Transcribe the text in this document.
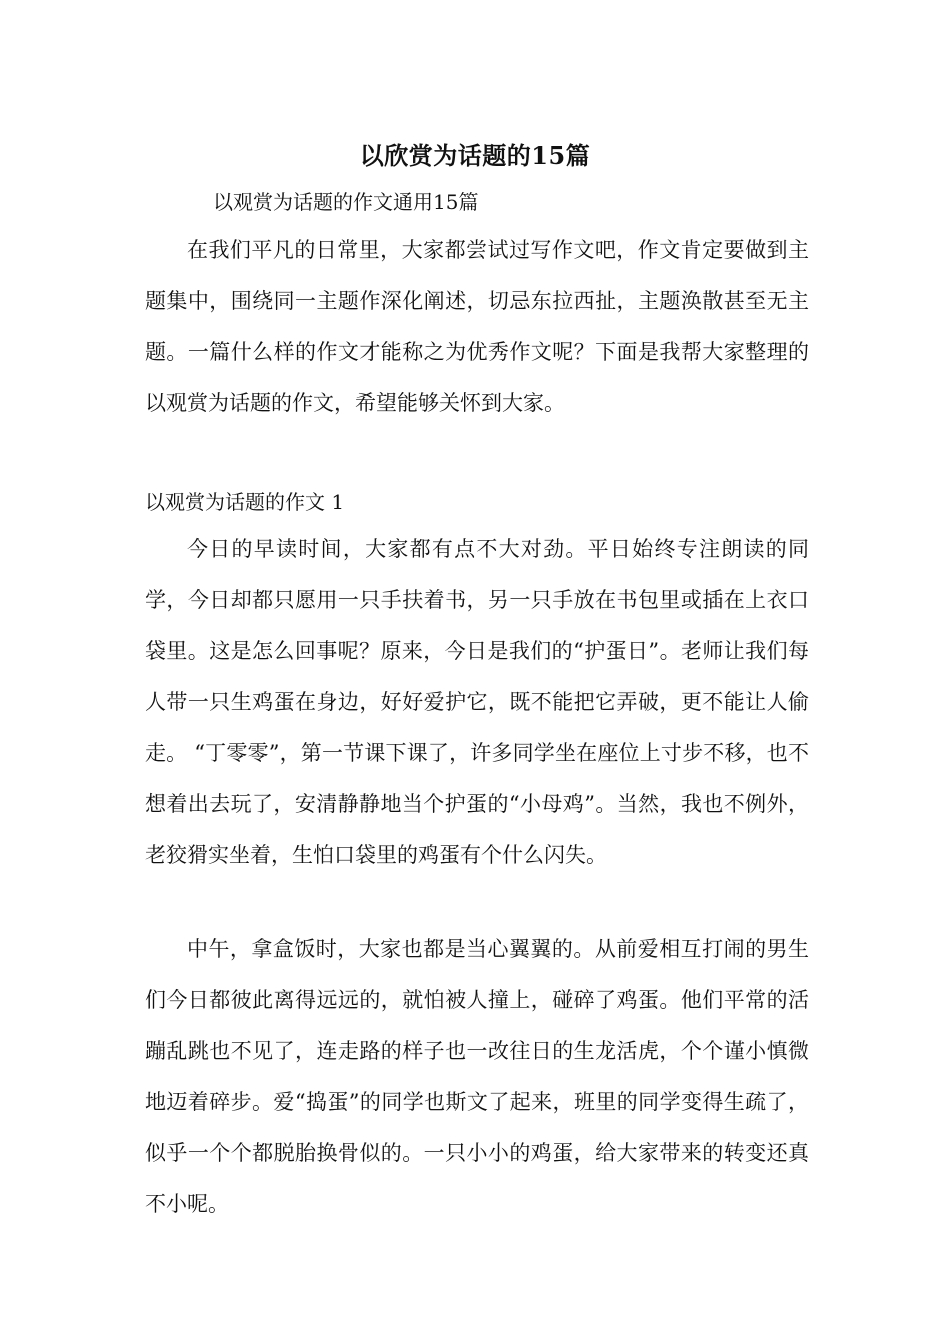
以欣赏为话题的15篇
以观赏为话题的作文通用15篇

在我们平凡的日常里，大家都尝试过写作文吧，作文肯定要做到主题集中，围绕同一主题作深化阐述，切忌东拉西扯，主题涣散甚至无主题。一篇什么样的作文才能称之为优秀作文呢？下面是我帮大家整理的以观赏为话题的作文，希望能够关怀到大家。

以观赏为话题的作文 1

今日的早读时间，大家都有点不大对劲。平日始终专注朗读的同学，今日却都只愿用一只手扶着书，另一只手放在书包里或插在上衣口袋里。这是怎么回事呢？原来，今日是我们的“护蛋日”。老师让我们每人带一只生鸡蛋在身边，好好爱护它，既不能把它弄破，更不能让人偷走。 “丁零零”，第一节课下课了，许多同学坐在座位上寸步不移，也不想着出去玩了，安清静静地当个护蛋的“小母鸡”。当然，我也不例外，老狡猾实坐着，生怕口袋里的鸡蛋有个什么闪失。

中午，拿盒饭时，大家也都是当心翼翼的。从前爱相互打闹的男生们今日都彼此离得远远的，就怕被人撞上，碰碎了鸡蛋。他们平常的活蹦乱跳也不见了，连走路的样子也一改往日的生龙活虎，个个谨小慎微地迈着碎步。爱“捣蛋”的同学也斯文了起来，班里的同学变得生疏了，似乎一个个都脱胎换骨似的。一只小小的鸡蛋，给大家带来的转变还真不小呢。
